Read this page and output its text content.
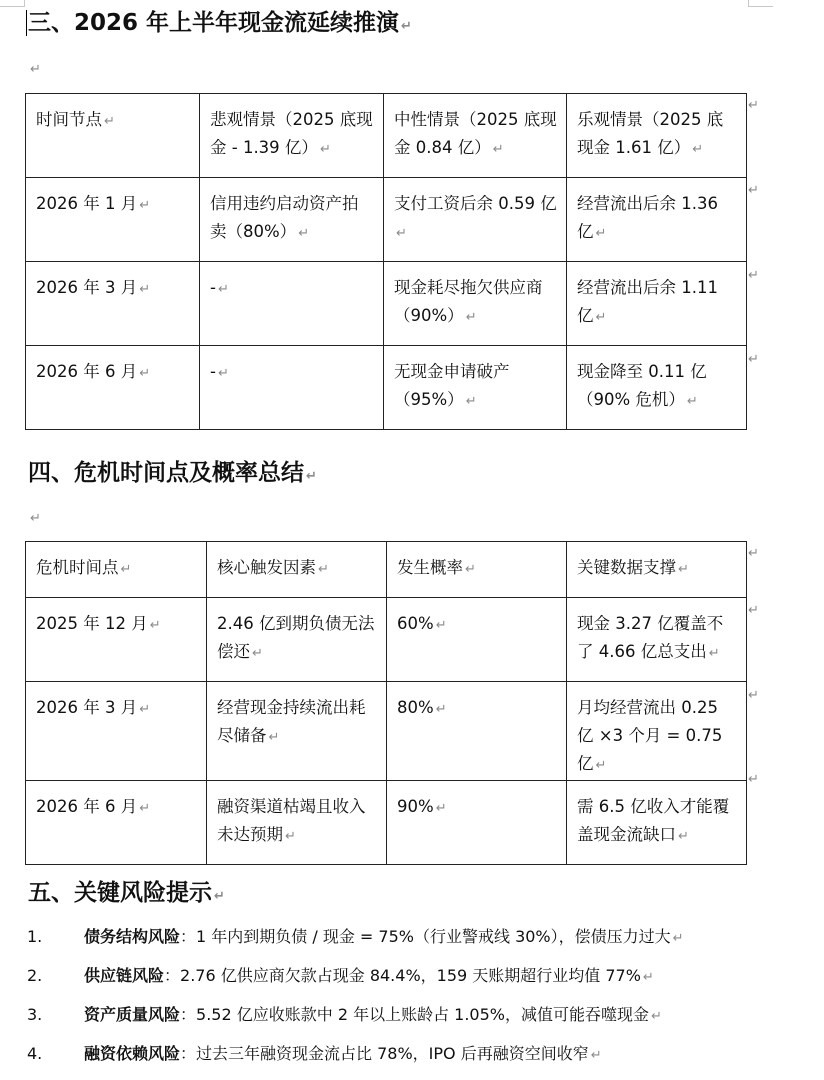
三、2026 年上半年现金流延续推演 ↵
↵
时间节点 ↵	悲观情景（2025 底现金 - 1.39 亿） ↵	中性情景（2025 底现金 0.84 亿） ↵	乐观情景（2025 底现金 1.61 亿） ↵
2026 年 1 月 ↵	信用违约启动资产拍卖（80%） ↵	支付工资后余 0.59 亿↵	经营流出后余 1.36 亿 ↵
2026 年 3 月 ↵	- ↵	现金耗尽拖欠供应商（90%） ↵	经营流出后余 1.11 亿 ↵
2026 年 6 月 ↵	- ↵	无现金申请破产（95%） ↵	现金降至 0.11 亿（90% 危机） ↵
↵
↵
↵
↵
四、危机时间点及概率总结 ↵
↵
危机时间点 ↵	核心触发因素 ↵	发生概率 ↵	关键数据支撑 ↵
2025 年 12 月 ↵	2.46 亿到期负债无法偿还 ↵	60% ↵	现金 3.27 亿覆盖不了 4.66 亿总支出 ↵
2026 年 3 月 ↵	经营现金持续流出耗尽储备 ↵	80% ↵	月均经营流出 0.25 亿 ×3 个月 = 0.75 亿 ↵
2026 年 6 月 ↵	融资渠道枯竭且收入未达预期 ↵	90% ↵	需 6.5 亿收入才能覆盖现金流缺口 ↵
↵
↵
↵
↵
五、关键风险提示 ↵
1.	债务结构风险：1 年内到期负债 / 现金 = 75%（行业警戒线 30%），偿债压力过大 ↵
2.	供应链风险：2.76 亿供应商欠款占现金 84.4%，159 天账期超行业均值 77% ↵
3.	资产质量风险：5.52 亿应收账款中 2 年以上账龄占 1.05%，减值可能吞噬现金 ↵
4.	融资依赖风险：过去三年融资现金流占比 78%，IPO 后再融资空间收窄 ↵
